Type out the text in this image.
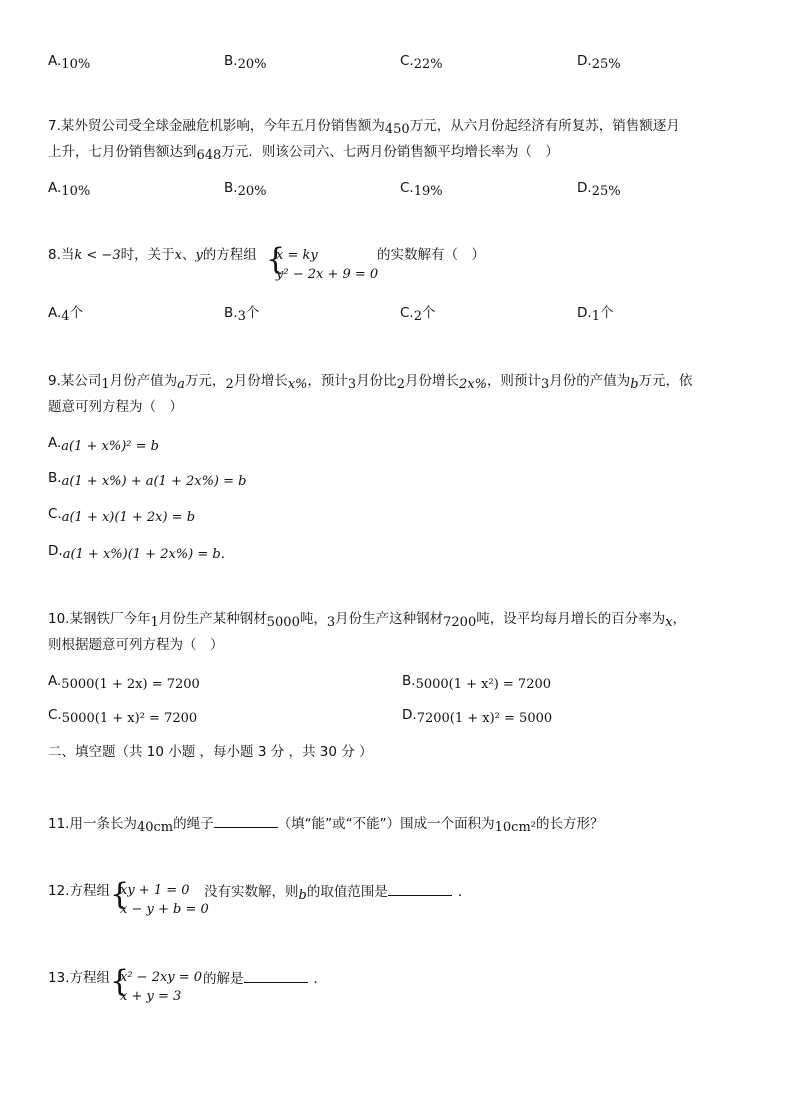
A.10%	B.20%	C.22%	D.25%
7.某外贸公司受全球金融危机影响，今年五月份销售额为450万元，从六月份起经济有所复苏，销售额逐月
上升，七月份销售额达到648万元．则该公司六、七两月份销售额平均增长率为（　）
A.10%	B.20%	C.19%	D.25%
8.当k < −3时，关于x、y的方程组 {
x = ky
y² − 2x + 9 = 0
的实数解有（　）
A.4个	B.3个	C.2个	D.1个
9.某公司1月份产值为a万元，2月份增长x%，预计3月份比2月份增长2x%，则预计3月份的产值为b万元，依
题意可列方程为（　）
A.a(1 + x%)² = b
B.a(1 + x%) + a(1 + 2x%) = b
C.a(1 + x)(1 + 2x) = b
D.a(1 + x%)(1 + 2x%) = b．
10.某钢铁厂今年1月份生产某种钢材5000吨，3月份生产这种钢材7200吨，设平均每月增长的百分率为x，
则根据题意可列方程为（　）
A.5000(1 + 2x) = 7200	B.5000(1 + x²) = 7200
C.5000(1 + x)² = 7200	D.7200(1 + x)² = 5000
二、填空题（共 10 小题 ，每小题 3 分 ，共 30 分 ）
11.用一条长为40cm的绳子	（填“能”或“不能”）围成一个面积为10cm²的长方形？
12.方程组 {
xy + 1 = 0
x − y + b = 0
没有实数解，则b的取值范围是	．
13.方程组 {
x² − 2xy = 0
x + y = 3
的解是	．
